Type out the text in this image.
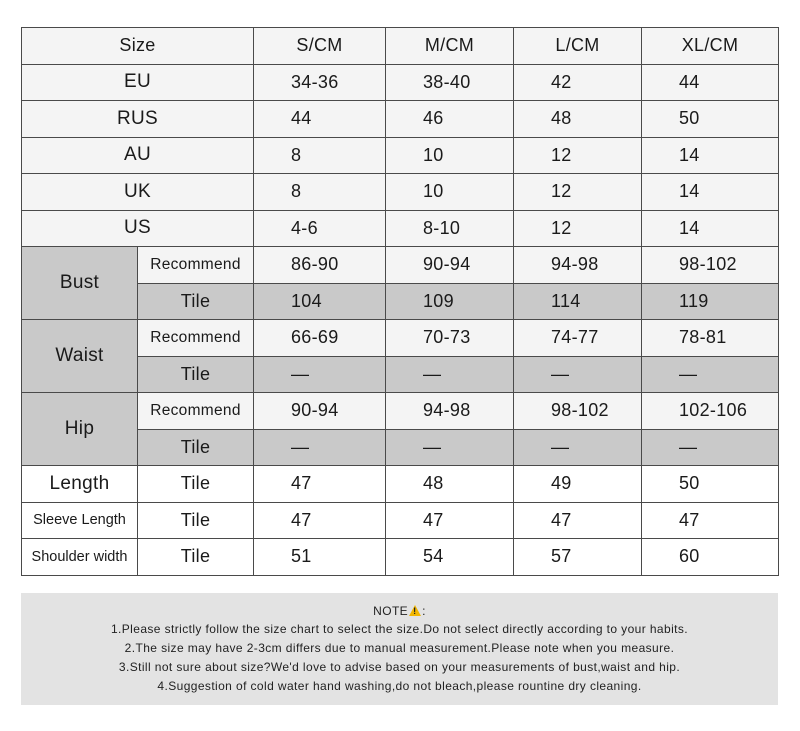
Size		S/CM	M/CM	L/CM	XL/CM
EU		34-36	38-40	42	44
RUS		44	46	48	50
AU		8	10	12	14
UK		8	10	12	14
US		4-6	8-10	12	14
Bust	Recommend	86-90	90-94	94-98	98-102
	Tile	104	109	114	119
Waist	Recommend	66-69	70-73	74-77	78-81
	Tile	—	—	—	—
Hip	Recommend	90-94	94-98	98-102	102-106
	Tile	—	—	—	—
Length	Tile	47	48	49	50
Sleeve Length	Tile	47	47	47	47
Shoulder width	Tile	51	54	57	60
NOTE ! :
1.Please strictly follow the size chart to select the size.Do not select directly according to your habits.
2.The size may have 2-3cm differs due to manual measurement.Please note when you measure.
3.Still not sure about size?We'd love to advise based on your measurements of bust,waist and hip.
4.Suggestion of cold water hand washing,do not bleach,please rountine dry cleaning.
